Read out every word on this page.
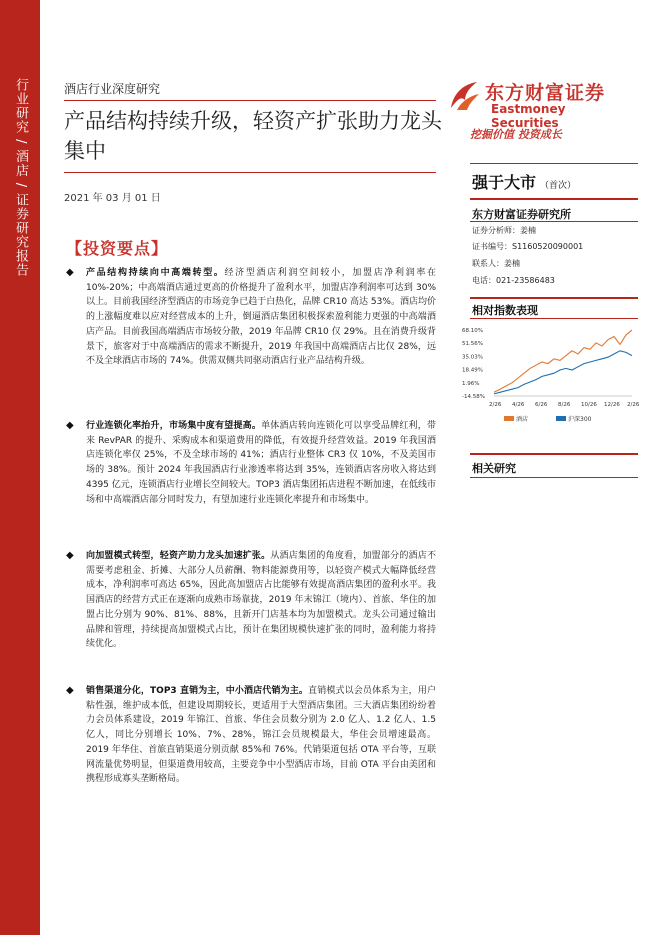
行业研究 / 酒店 / 证券研究报告	酒店行业深度研究
产品结构持续升级，轻资产扩张助力龙头集中
2021 年 03 月 01 日
东方财富证券
Eastmoney Securities
挖掘价值 投资成长
强于大市 （首次）
东方财富证券研究所
证券分析师：姜楠
证书编号：S1160520090001
联系人：姜楠
电话：021-23586483
相对指数表现
68.10%
51.56%
35.03%
18.49%
1.96%
-14.58%
2/26 4/26 6/26 8/26 10/26 12/26 2/26
酒店	沪深300
相关研究
【投资要点】
◆ 产品结构持续向中高端转型。经济型酒店利润空间较小，加盟店净利润率在 10%-20%；中高端酒店通过更高的价格提升了盈利水平，加盟店净利润率可达到 30%以上。目前我国经济型酒店的市场竞争已趋于白热化，品牌 CR10 高达 53%。酒店均价的上涨幅度难以应对经营成本的上升，倒逼酒店集团积极探索盈利能力更强的中高端酒店产品。目前我国高端酒店市场较分散，2019 年品牌 CR10 仅 29%。且在消费升级背景下，旅客对于中高端酒店的需求不断提升，2019 年我国中高端酒店占比仅 28%，远不及全球酒店市场的 74%。供需双侧共同驱动酒店行业产品结构升级。
◆ 行业连锁化率抬升，市场集中度有望提高。单体酒店转向连锁化可以享受品牌红利，带来 RevPAR 的提升、采购成本和渠道费用的降低，有效提升经营效益。2019 年我国酒店连锁化率仅 25%，不及全球市场的 41%；酒店行业整体 CR3 仅 10%，不及美国市场的 38%。预计 2024 年我国酒店行业渗透率将达到 35%，连锁酒店客房收入将达到 4395 亿元，连锁酒店行业增长空间较大。TOP3 酒店集团拓店进程不断加速，在低线市场和中高端酒店部分同时发力，有望加速行业连锁化率提升和市场集中。
◆ 向加盟模式转型，轻资产助力龙头加速扩张。从酒店集团的角度看，加盟部分的酒店不需要考虑租金、折摊、大部分人员薪酬、物料能源费用等，以轻资产模式大幅降低经营成本，净利润率可高达 65%，因此高加盟店占比能够有效提高酒店集团的盈利水平。我国酒店的经营方式正在逐渐向成熟市场靠拢，2019 年末锦江（境内）、首旅、华住的加盟占比分别为 90%、81%、88%，且新开门店基本均为加盟模式。龙头公司通过输出品牌和管理，持续提高加盟模式占比，预计在集团规模快速扩张的同时，盈利能力将持续优化。
◆ 销售渠道分化，TOP3 直销为主，中小酒店代销为主。直销模式以会员体系为主，用户粘性强，维护成本低，但建设周期较长，更适用于大型酒店集团。三大酒店集团纷纷着力会员体系建设，2019 年锦江、首旅、华住会员数分别为 2.0 亿人、1.2 亿人、1.5 亿人，同比分别增长 10%、7%、28%，锦江会员规模最大，华住会员增速最高。2019 年华住、首旅直销渠道分别贡献 85%和 76%。代销渠道包括 OTA 平台等，互联网流量优势明显，但渠道费用较高，主要竞争中小型酒店市场，目前 OTA 平台由美团和携程形成寡头垄断格局。
